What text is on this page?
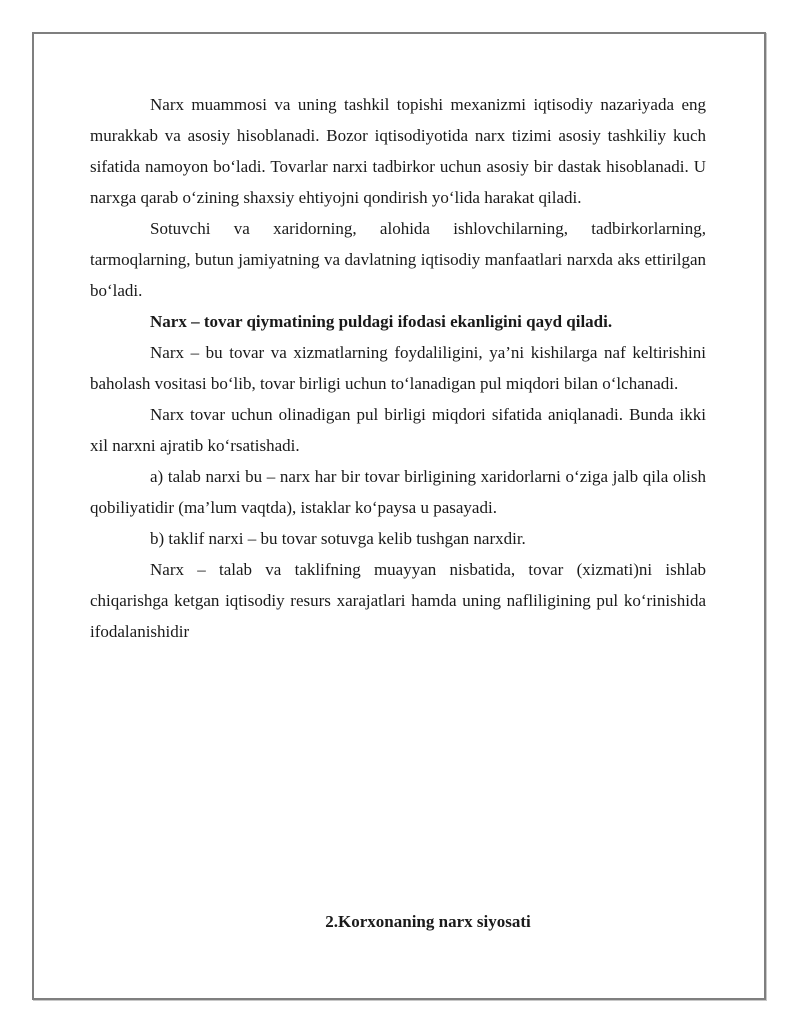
Narx muammosi va uning tashkil topishi mexanizmi iqtisodiy nazariyada eng murakkab va asosiy hisoblanadi. Bozor iqtisodiyotida narx tizimi asosiy tashkiliy kuch sifatida namoyon bo‘ladi. Tovarlar narxi tadbirkor uchun asosiy bir dastak hisoblanadi. U narxga qarab o‘zining shaxsiy ehtiyojni qondirish yo‘lida harakat qiladi.

Sotuvchi va xaridorning, alohida ishlovchilarning, tadbirkorlarning, tarmoqlarning, butun jamiyatning va davlatning iqtisodiy manfaatlari narxda aks ettirilgan bo‘ladi.

Narx – tovar qiymatining puldagi ifodasi ekanligini qayd qiladi.

Narx – bu tovar va xizmatlarning foydaliligini, ya’ni kishilarga naf keltirishini baholash vositasi bo‘lib, tovar birligi uchun to‘lanadigan pul miqdori bilan o‘lchanadi.

Narx tovar uchun olinadigan pul birligi miqdori sifatida aniqlanadi. Bunda ikki xil narxni ajratib ko‘rsatishadi.

a) talab narxi bu – narx har bir tovar birligining xaridorlarni o‘ziga jalb qila olish qobiliyatidir (ma’lum vaqtda), istaklar ko‘paysa u pasayadi.

b) taklif narxi – bu tovar sotuvga kelib tushgan narxdir.

Narx – talab va taklifning muayyan nisbatida, tovar (xizmati)ni ishlab chiqarishga ketgan iqtisodiy resurs xarajatlari hamda uning nafliligining pul ko‘rinishida ifodalanishidir

2.Korxonaning narx siyosati
